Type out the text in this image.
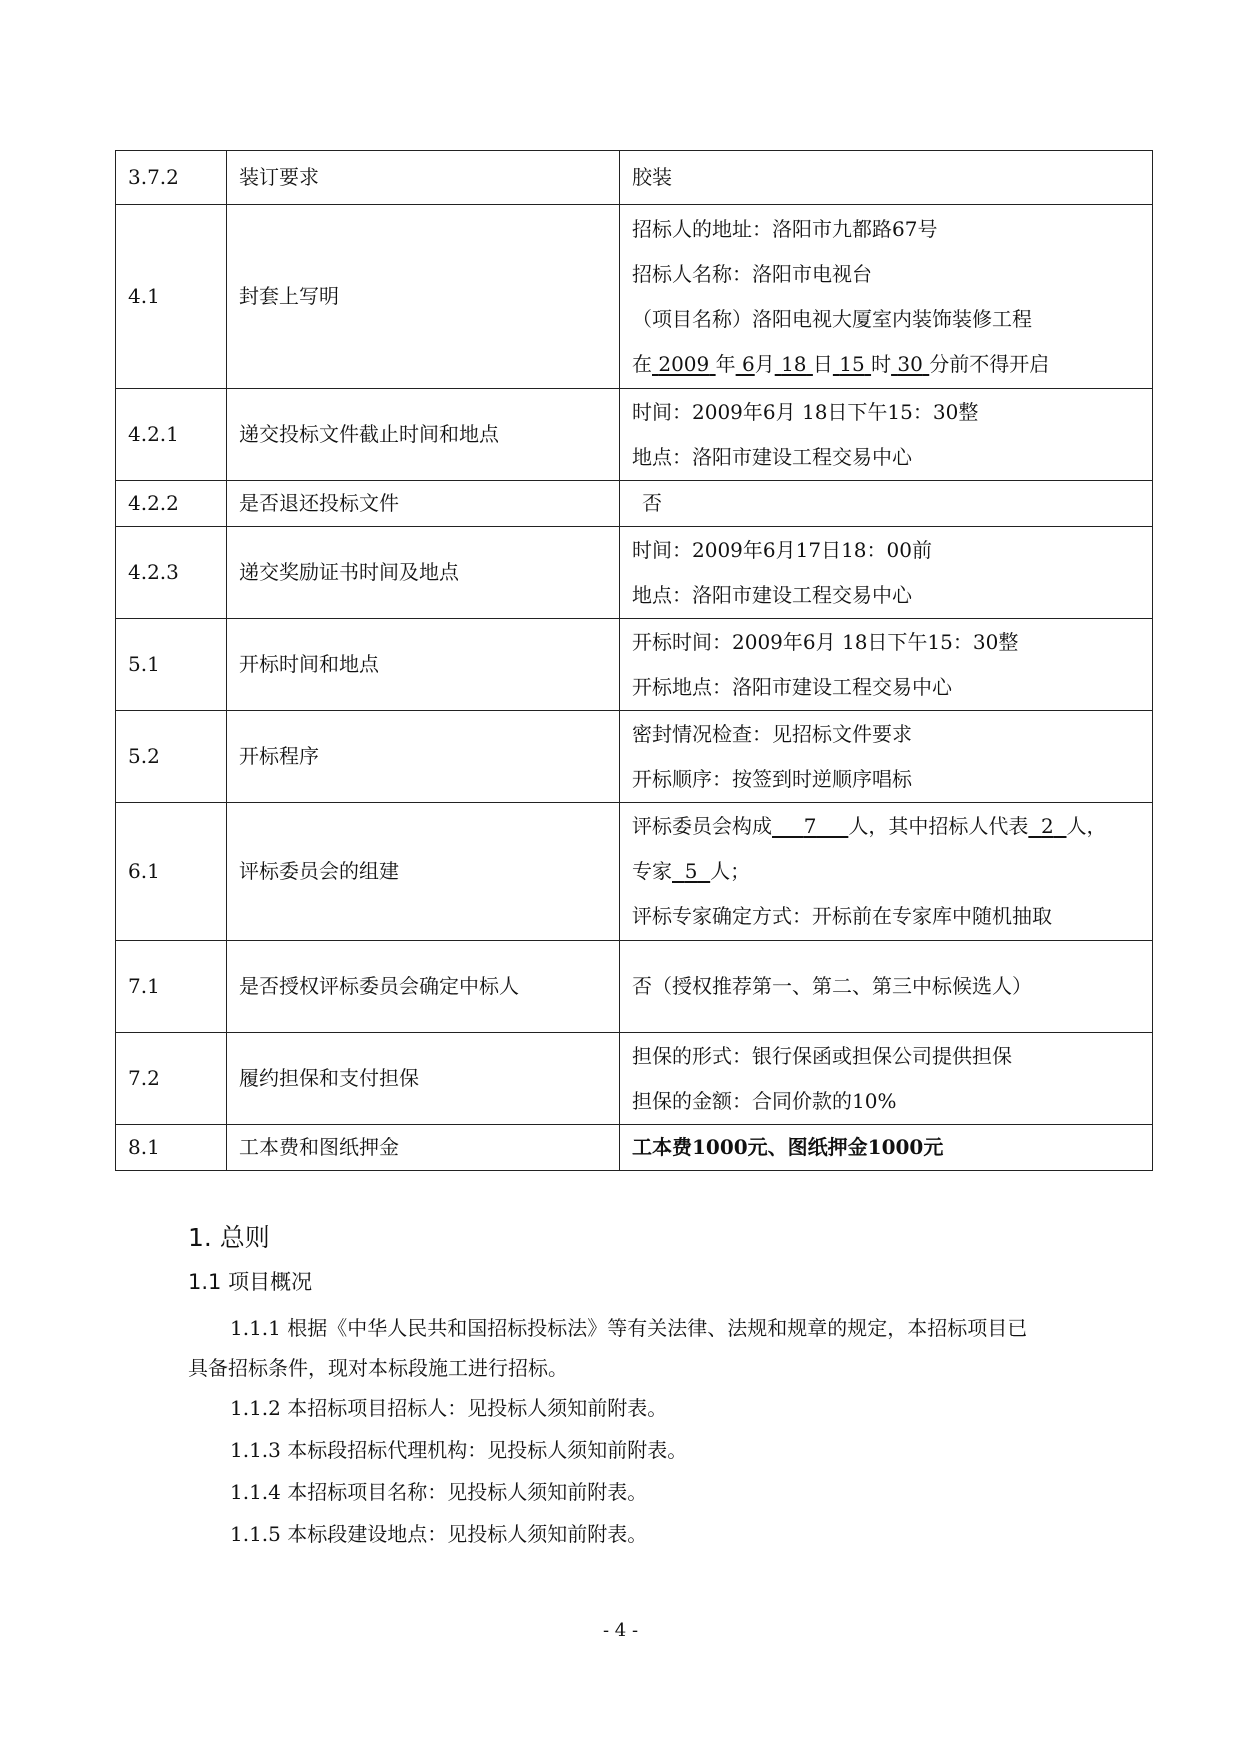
3.7.2	装订要求	胶装

4.1	封套上写明	招标人的地址：洛阳市九都路67号
招标人名称：洛阳市电视台
（项目名称）洛阳电视大厦室内装饰装修工程
在 2009 年 6月 18 日 15 时 30 分前不得开启

4.2.1	递交投标文件截止时间和地点	时间：2009年6月 18日下午15：30整
地点：洛阳市建设工程交易中心

4.2.2	是否退还投标文件	否

4.2.3	递交奖励证书时间及地点	时间：2009年6月17日18：00前
地点：洛阳市建设工程交易中心

5.1	开标时间和地点	开标时间：2009年6月 18日下午15：30整
开标地点：洛阳市建设工程交易中心

5.2	开标程序	密封情况检查：见招标文件要求
开标顺序：按签到时逆顺序唱标

6.1	评标委员会的组建	评标委员会构成 7 人，其中招标人代表 2 人，
专家 5 人；
评标专家确定方式：开标前在专家库中随机抽取

7.1	是否授权评标委员会确定中标人	否（授权推荐第一、第二、第三中标候选人）

7.2	履约担保和支付担保	担保的形式：银行保函或担保公司提供担保
担保的金额：合同价款的10%

8.1	工本费和图纸押金	工本费1000元、图纸押金1000元
1. 总则
1.1 项目概况
1.1.1 根据《中华人民共和国招标投标法》等有关法律、法规和规章的规定，本招标项目已
具备招标条件，现对本标段施工进行招标。
1.1.2 本招标项目招标人：见投标人须知前附表。
1.1.3 本标段招标代理机构：见投标人须知前附表。
1.1.4 本招标项目名称：见投标人须知前附表。
1.1.5 本标段建设地点：见投标人须知前附表。
- 4 -
